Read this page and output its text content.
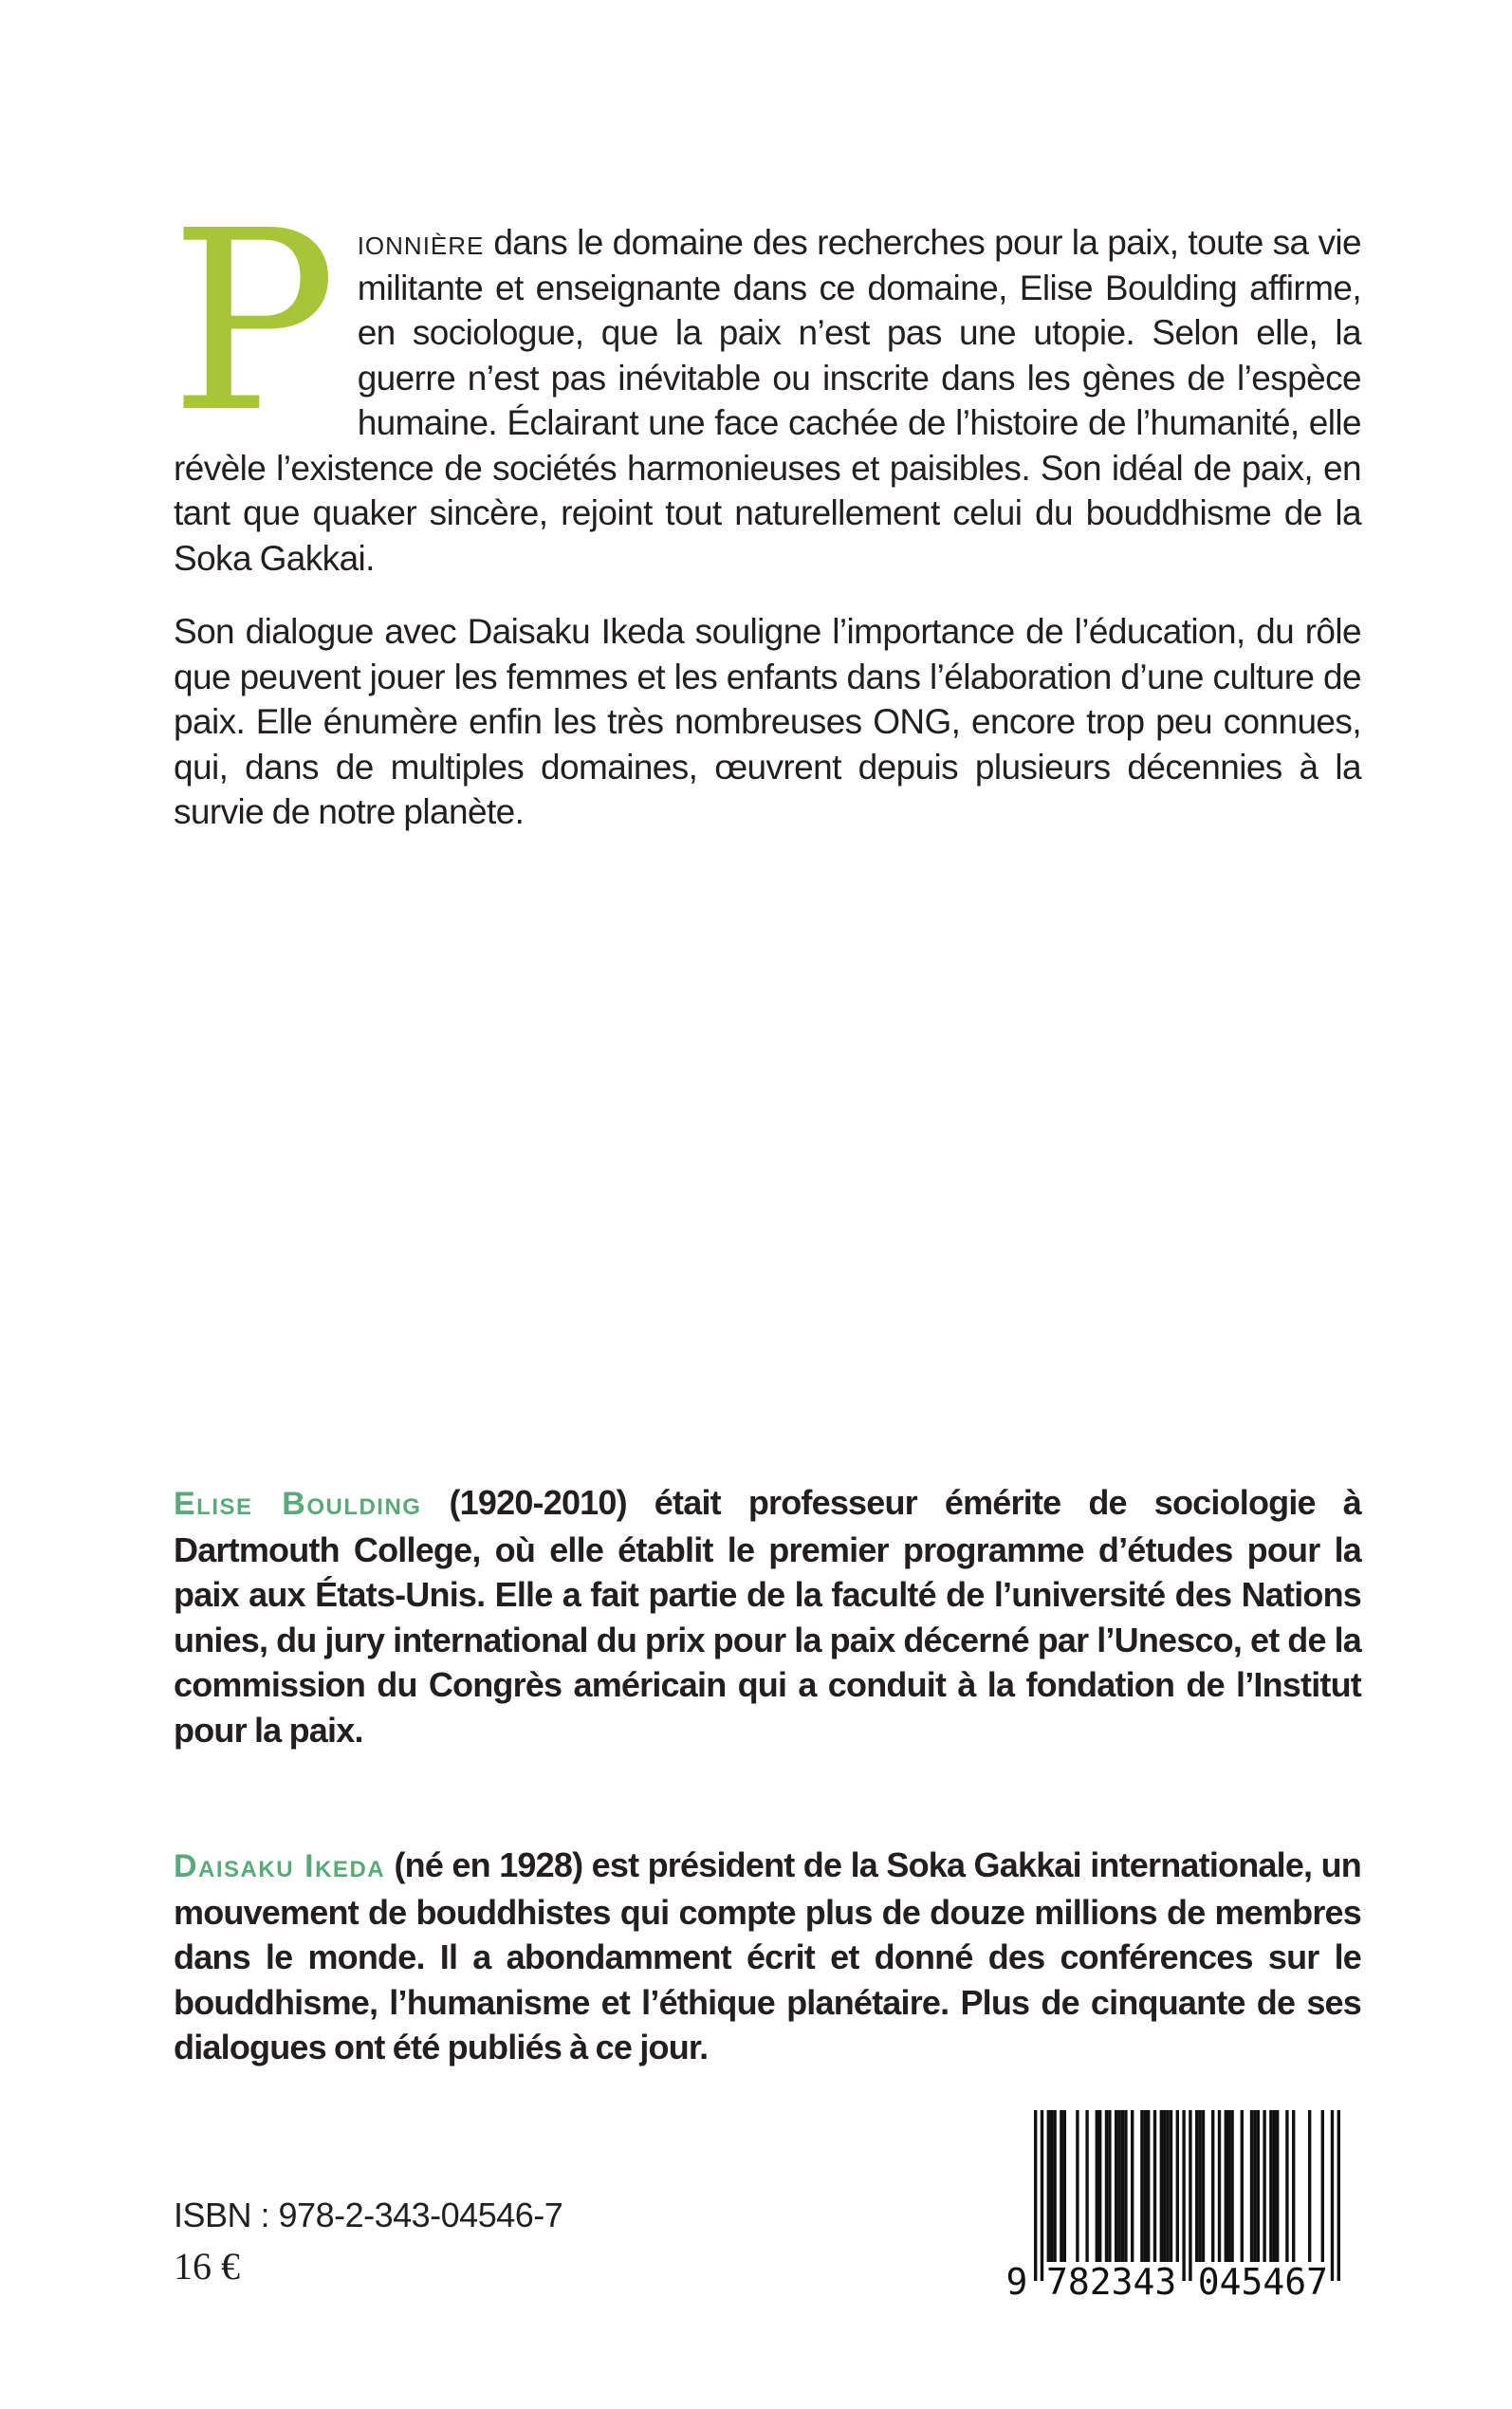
Pionnière dans le domaine des recherches pour la paix, toute sa vie militante et enseignante dans ce domaine, Elise Boulding affirme, en sociologue, que la paix n’est pas une utopie. Selon elle, la guerre n’est pas inévitable ou inscrite dans les gènes de l’espèce humaine. Éclairant une face cachée de l’histoire de l’humanité, elle révèle l’existence de sociétés harmonieuses et paisibles. Son idéal de paix, en tant que quaker sincère, rejoint tout naturellement celui du bouddhisme de la Soka Gakkai.

Son dialogue avec Daisaku Ikeda souligne l’importance de l’éducation, du rôle que peuvent jouer les femmes et les enfants dans l’élaboration d’une culture de paix. Elle énumère enfin les très nombreuses ONG, encore trop peu connues, qui, dans de multiples domaines, œuvrent depuis plusieurs décennies à la survie de notre planète.

Elise Boulding (1920-2010) était professeur émérite de sociologie à Dartmouth College, où elle établit le premier programme d’études pour la paix aux États-Unis. Elle a fait partie de la faculté de l’université des Nations unies, du jury international du prix pour la paix décerné par l’Unesco, et de la commission du Congrès américain qui a conduit à la fondation de l’Institut pour la paix.

Daisaku Ikeda (né en 1928) est président de la Soka Gakkai internationale, un mouvement de bouddhistes qui compte plus de douze millions de membres dans le monde. Il a abondamment écrit et donné des conférences sur le bouddhisme, l’humanisme et l’éthique planétaire. Plus de cinquante de ses dialogues ont été publiés à ce jour.

ISBN : 978-2-343-04546-7
16 €	9 782343 045467
